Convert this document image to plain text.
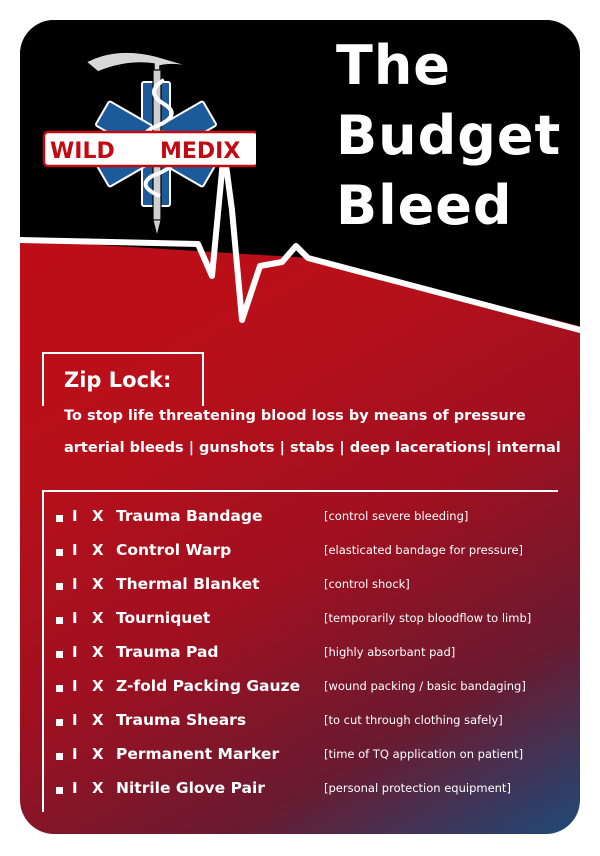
WILD MEDIX
The
Budget
Bleed
Zip Lock:
To stop life threatening blood loss by means of pressure
arterial bleeds | gunshots | stabs | deep lacerations| internal
I X Trauma Bandage	[control severe bleeding]
I X Control Warp	[elasticated bandage for pressure]
I X Thermal Blanket	[control shock]
I X Tourniquet	[temporarily stop bloodflow to limb]
I X Trauma Pad	[highly absorbant pad]
I X Z-fold Packing Gauze [wound packing / basic bandaging]
I X Trauma Shears	[to cut through clothing safely]
I X Permanent Marker	[time of TQ application on patient]
I X Nitrile Glove Pair	[personal protection equipment]
